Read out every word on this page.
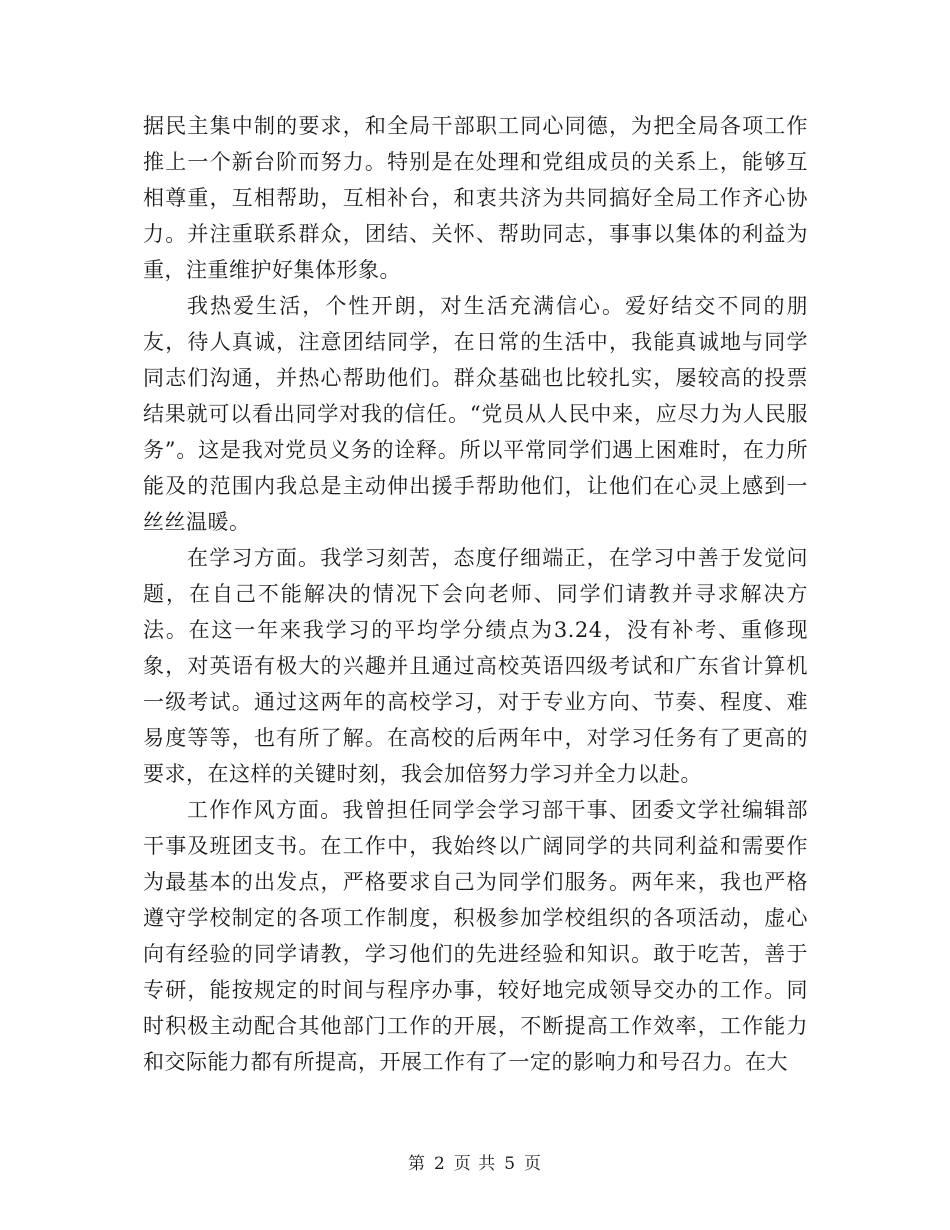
据民主集中制的要求，和全局干部职工同心同德，为把全局各项工作推上一个新台阶而努力。特别是在处理和党组成员的关系上，能够互相尊重，互相帮助，互相补台，和衷共济为共同搞好全局工作齐心协力。并注重联系群众，团结、关怀、帮助同志，事事以集体的利益为重，注重维护好集体形象。

我热爱生活，个性开朗，对生活充满信心。爱好结交不同的朋友，待人真诚，注意团结同学，在日常的生活中，我能真诚地与同学同志们沟通，并热心帮助他们。群众基础也比较扎实，屡较高的投票结果就可以看出同学对我的信任。“党员从人民中来，应尽力为人民服务”。这是我对党员义务的诠释。所以平常同学们遇上困难时，在力所能及的范围内我总是主动伸出援手帮助他们，让他们在心灵上感到一丝丝温暖。

在学习方面。我学习刻苦，态度仔细端正，在学习中善于发觉问题，在自己不能解决的情况下会向老师、同学们请教并寻求解决方法。在这一年来我学习的平均学分绩点为3.24，没有补考、重修现象，对英语有极大的兴趣并且通过高校英语四级考试和广东省计算机一级考试。通过这两年的高校学习，对于专业方向、节奏、程度、难易度等等，也有所了解。在高校的后两年中，对学习任务有了更高的要求，在这样的关键时刻，我会加倍努力学习并全力以赴。

工作作风方面。我曾担任同学会学习部干事、团委文学社编辑部干事及班团支书。在工作中，我始终以广阔同学的共同利益和需要作为最基本的出发点，严格要求自己为同学们服务。两年来，我也严格遵守学校制定的各项工作制度，积极参加学校组织的各项活动，虚心向有经验的同学请教，学习他们的先进经验和知识。敢于吃苦，善于专研，能按规定的时间与程序办事，较好地完成领导交办的工作。同时积极主动配合其他部门工作的开展，不断提高工作效率，工作能力和交际能力都有所提高，开展工作有了一定的影响力和号召力。在大

第 2 页 共 5 页
